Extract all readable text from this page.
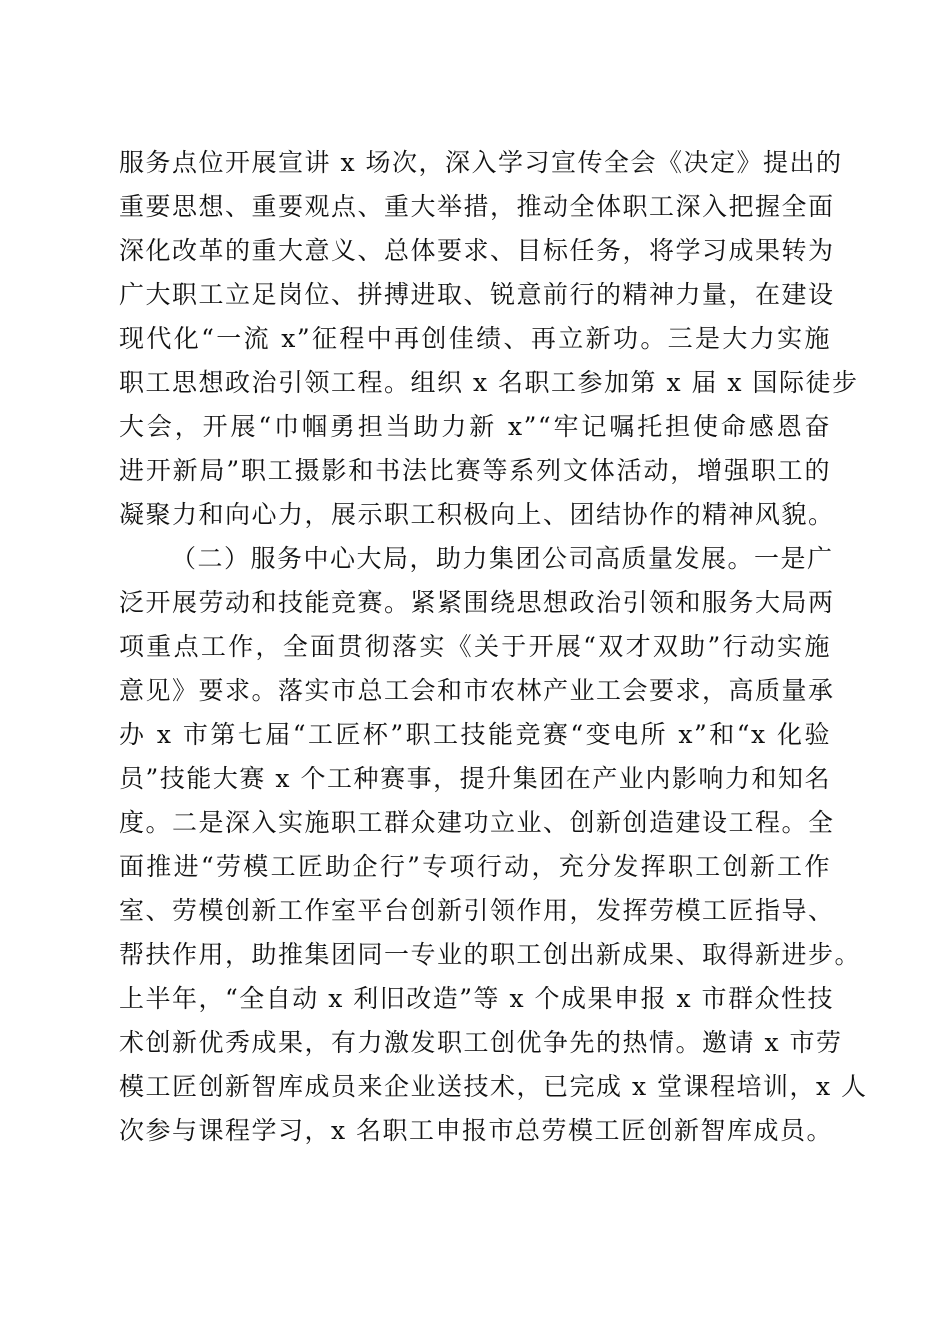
服务点位开展宣讲 x 场次，深入学习宣传全会《决定》提出的
重要思想、重要观点、重大举措，推动全体职工深入把握全面
深化改革的重大意义、总体要求、目标任务，将学习成果转为
广大职工立足岗位、拼搏进取、锐意前行的精神力量，在建设
现代化“一流 x”征程中再创佳绩、再立新功。三是大力实施
职工思想政治引领工程。组织 x 名职工参加第 x 届 x 国际徒步
大会，开展“巾帼勇担当助力新 x”“牢记嘱托担使命感恩奋
进开新局”职工摄影和书法比赛等系列文体活动，增强职工的
凝聚力和向心力，展示职工积极向上、团结协作的精神风貌。
（二）服务中心大局，助力集团公司高质量发展。一是广
泛开展劳动和技能竞赛。紧紧围绕思想政治引领和服务大局两
项重点工作，全面贯彻落实《关于开展“双才双助”行动实施
意见》要求。落实市总工会和市农林产业工会要求，高质量承
办 x 市第七届“工匠杯”职工技能竞赛“变电所 x”和“x 化验
员”技能大赛 x 个工种赛事，提升集团在产业内影响力和知名
度。二是深入实施职工群众建功立业、创新创造建设工程。全
面推进“劳模工匠助企行”专项行动，充分发挥职工创新工作
室、劳模创新工作室平台创新引领作用，发挥劳模工匠指导、
帮扶作用，助推集团同一专业的职工创出新成果、取得新进步。
上半年，“全自动 x 利旧改造”等 x 个成果申报 x 市群众性技
术创新优秀成果，有力激发职工创优争先的热情。邀请 x 市劳
模工匠创新智库成员来企业送技术，已完成 x 堂课程培训，x 人
次参与课程学习，x 名职工申报市总劳模工匠创新智库成员。
